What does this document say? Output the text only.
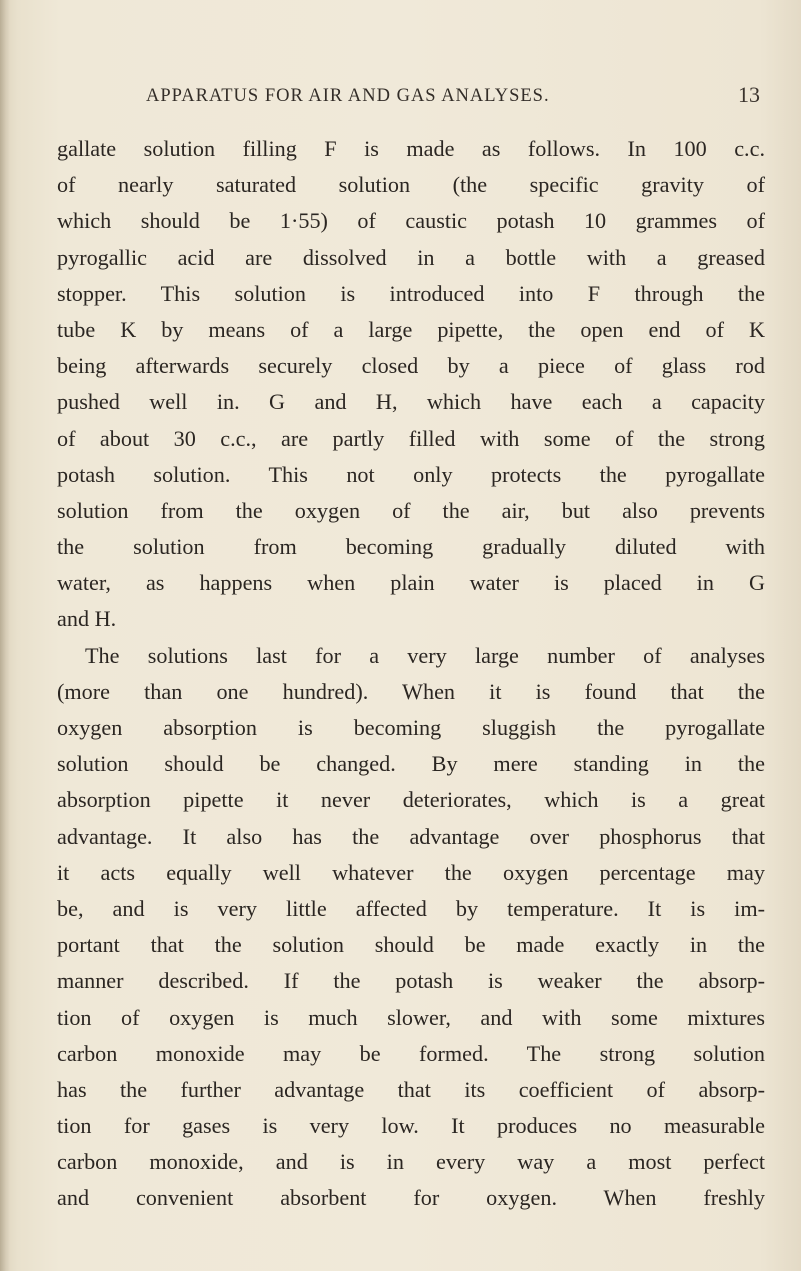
APPARATUS FOR AIR AND GAS ANALYSES.	13
gallate solution filling F is made as follows. In 100 c.c.
of nearly saturated solution (the specific gravity of
which should be 1·55) of caustic potash 10 grammes of
pyrogallic acid are dissolved in a bottle with a greased
stopper. This solution is introduced into F through the
tube K by means of a large pipette, the open end of K
being afterwards securely closed by a piece of glass rod
pushed well in. G and H, which have each a capacity
of about 30 c.c., are partly filled with some of the strong
potash solution. This not only protects the pyrogallate
solution from the oxygen of the air, but also prevents
the solution from becoming gradually diluted with
water, as happens when plain water is placed in G
and H.
The solutions last for a very large number of analyses
(more than one hundred). When it is found that the
oxygen absorption is becoming sluggish the pyrogallate
solution should be changed. By mere standing in the
absorption pipette it never deteriorates, which is a great
advantage. It also has the advantage over phosphorus that
it acts equally well whatever the oxygen percentage may
be, and is very little affected by temperature. It is im-
portant that the solution should be made exactly in the
manner described. If the potash is weaker the absorp-
tion of oxygen is much slower, and with some mixtures
carbon monoxide may be formed. The strong solution
has the further advantage that its coefficient of absorp-
tion for gases is very low. It produces no measurable
carbon monoxide, and is in every way a most perfect
and convenient absorbent for oxygen. When freshly
